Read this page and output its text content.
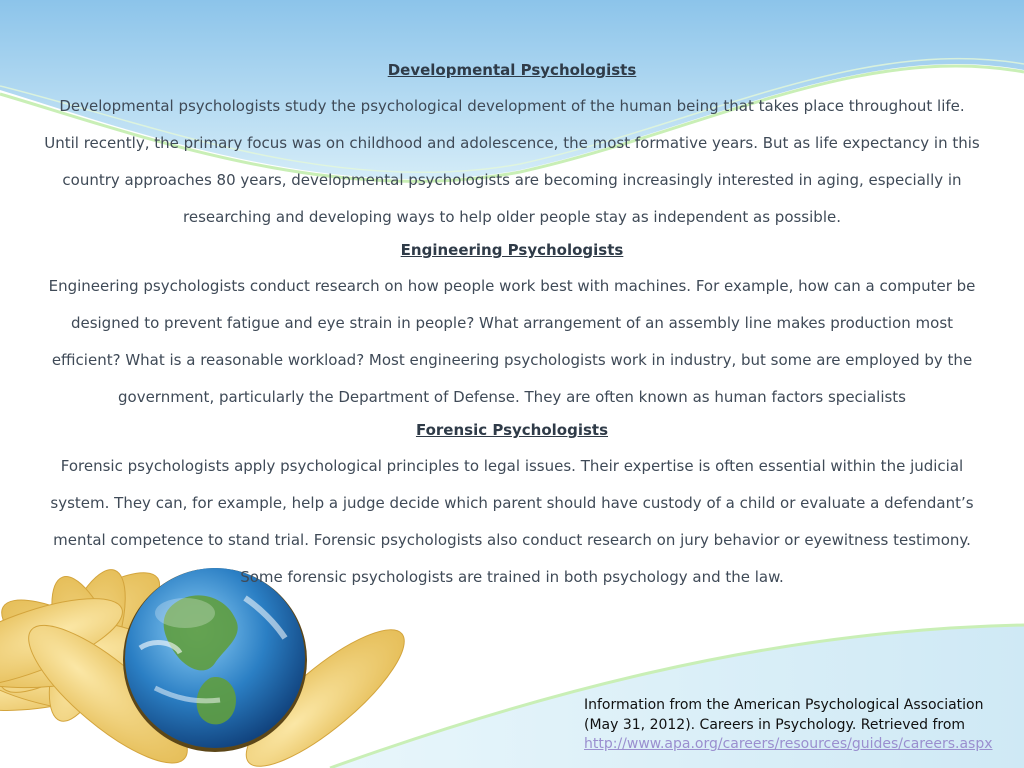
Developmental Psychologists

Developmental psychologists study the psychological development of the human being that takes place throughout life. Until recently, the primary focus was on childhood and adolescence, the most formative years. But as life expectancy in this country approaches 80 years, developmental psychologists are becoming increasingly interested in aging, especially in researching and developing ways to help older people stay as independent as possible.

Engineering Psychologists

Engineering psychologists conduct research on how people work best with machines. For example, how can a computer be designed to prevent fatigue and eye strain in people? What arrangement of an assembly line makes production most efficient? What is a reasonable workload? Most engineering psychologists work in industry, but some are employed by the government, particularly the Department of Defense. They are often known as human factors specialists

Forensic Psychologists

Forensic psychologists apply psychological principles to legal issues. Their expertise is often essential within the judicial system. They can, for example, help a judge decide which parent should have custody of a child or evaluate a defendant’s mental competence to stand trial. Forensic psychologists also conduct research on jury behavior or eyewitness testimony. Some forensic psychologists are trained in both psychology and the law.

Information from the American Psychological Association
(May 31, 2012). Careers in Psychology. Retrieved from
http://www.apa.org/careers/resources/guides/careers.aspx
